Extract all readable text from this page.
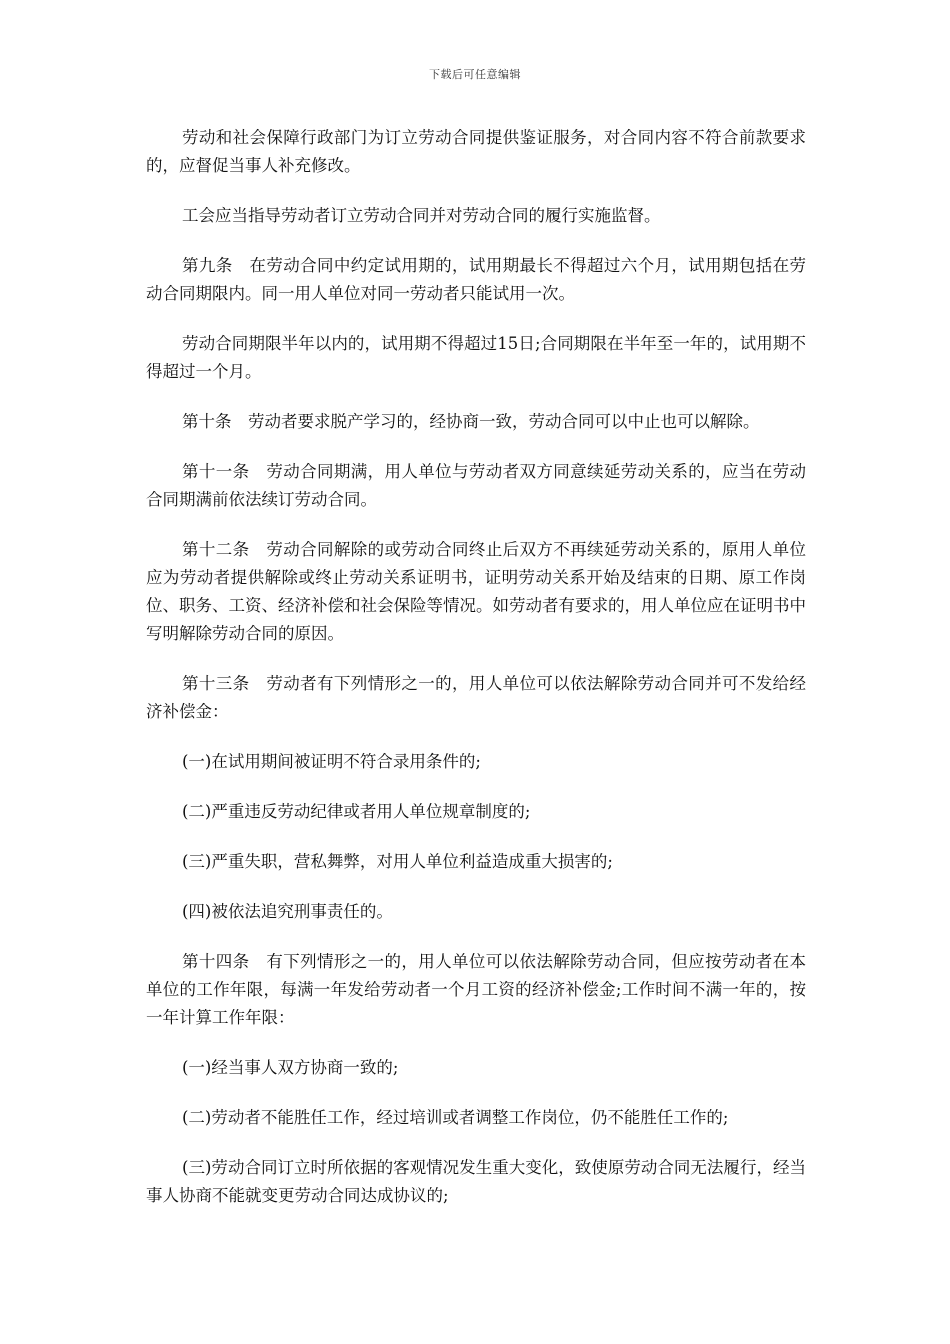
下载后可任意编辑

劳动和社会保障行政部门为订立劳动合同提供鉴证服务，对合同内容不符合前款要求的，应督促当事人补充修改。

工会应当指导劳动者订立劳动合同并对劳动合同的履行实施监督。

第九条　在劳动合同中约定试用期的，试用期最长不得超过六个月，试用期包括在劳动合同期限内。同一用人单位对同一劳动者只能试用一次。

劳动合同期限半年以内的，试用期不得超过15日;合同期限在半年至一年的，试用期不得超过一个月。

第十条　劳动者要求脱产学习的，经协商一致，劳动合同可以中止也可以解除。

第十一条　劳动合同期满，用人单位与劳动者双方同意续延劳动关系的，应当在劳动合同期满前依法续订劳动合同。

第十二条　劳动合同解除的或劳动合同终止后双方不再续延劳动关系的，原用人单位应为劳动者提供解除或终止劳动关系证明书，证明劳动关系开始及结束的日期、原工作岗位、职务、工资、经济补偿和社会保险等情况。如劳动者有要求的，用人单位应在证明书中写明解除劳动合同的原因。

第十三条　劳动者有下列情形之一的，用人单位可以依法解除劳动合同并可不发给经济补偿金：

(一)在试用期间被证明不符合录用条件的;

(二)严重违反劳动纪律或者用人单位规章制度的;

(三)严重失职，营私舞弊，对用人单位利益造成重大损害的;

(四)被依法追究刑事责任的。

第十四条　有下列情形之一的，用人单位可以依法解除劳动合同，但应按劳动者在本单位的工作年限，每满一年发给劳动者一个月工资的经济补偿金;工作时间不满一年的，按一年计算工作年限：

(一)经当事人双方协商一致的;

(二)劳动者不能胜任工作，经过培训或者调整工作岗位，仍不能胜任工作的;

(三)劳动合同订立时所依据的客观情况发生重大变化，致使原劳动合同无法履行，经当事人协商不能就变更劳动合同达成协议的;
